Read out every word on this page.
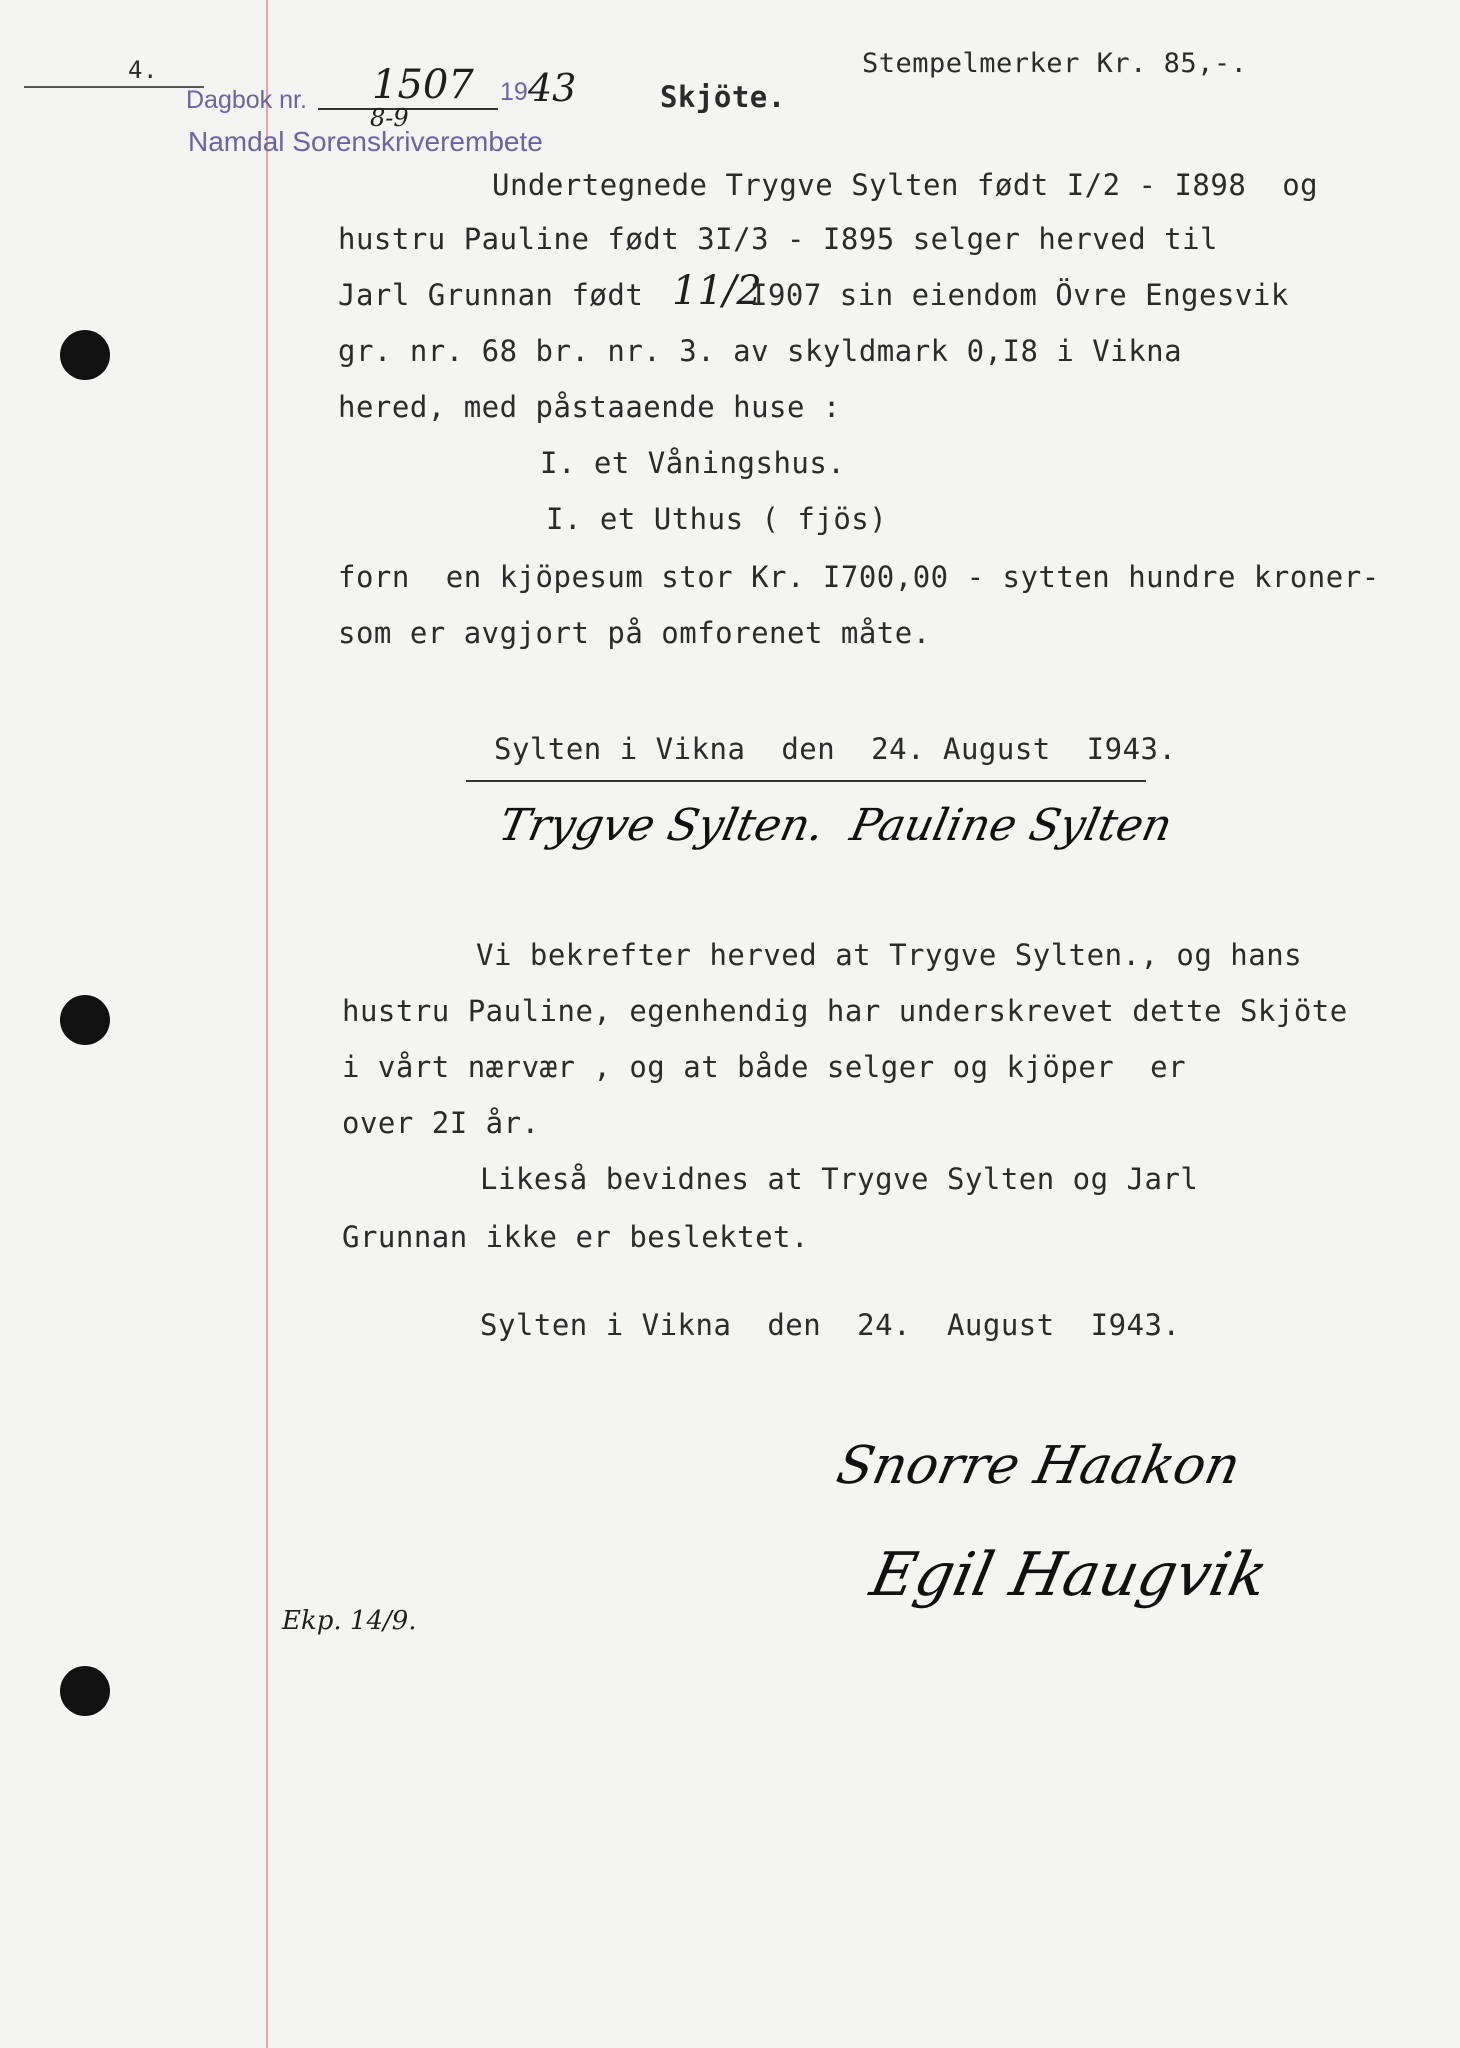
4.
Dagbok nr. 1507
8-9
19 43
Namdal Sorenskriverembete
Skjöte.
Stempelmerker Kr. 85,-.
Undertegnede Trygve Sylten født I/2 - I898  og
hustru Pauline født 3I/3 - I895 selger herved til
Jarl Grunnan født 11/2
I907 sin eiendom Övre Engesvik
gr. nr. 68 br. nr. 3. av skyldmark 0,I8 i Vikna
hered, med påstaaende huse :
I. et Våningshus.
I. et Uthus ( fjös)
forn  en kjöpesum stor Kr. I700,00 - sytten hundre kroner-
som er avgjort på omforenet måte.
Sylten i Vikna  den  24. August  I943.
Trygve Sylten.  Pauline Sylten
Vi bekrefter herved at Trygve Sylten., og hans
hustru Pauline, egenhendig har underskrevet dette Skjöte
i vårt nærvær , og at både selger og kjöper  er
over 2I år.
Likeså bevidnes at Trygve Sylten og Jarl
Grunnan ikke er beslektet.
Sylten i Vikna  den  24.  August  I943.
Snorre Haakon
Egil Haugvik
Ekp. 14/9.
